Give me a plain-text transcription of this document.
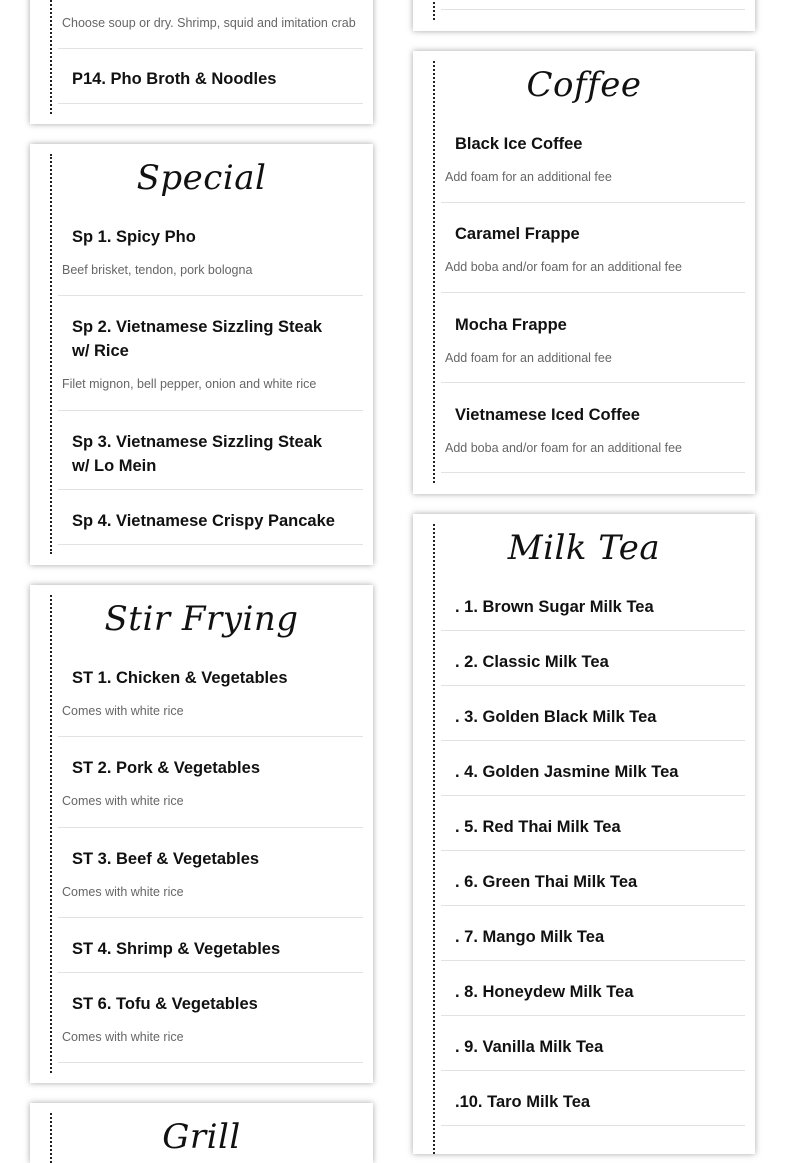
Choose soup or dry. Shrimp, squid and imitation crab
P14. Pho Broth & Noodles
Special
Sp 1. Spicy Pho
Beef brisket, tendon, pork bologna
Sp 2. Vietnamese Sizzling Steak w/ Rice
Filet mignon, bell pepper, onion and white rice
Sp 3. Vietnamese Sizzling Steak w/ Lo Mein
Sp 4. Vietnamese Crispy Pancake
Stir Frying
ST 1. Chicken & Vegetables
Comes with white rice
ST 2. Pork & Vegetables
Comes with white rice
ST 3. Beef & Vegetables
Comes with white rice
ST 4. Shrimp & Vegetables
ST 6. Tofu & Vegetables
Comes with white rice
Grill
Coffee
Black Ice Coffee
Add foam for an additional fee
Caramel Frappe
Add boba and/or foam for an additional fee
Mocha Frappe
Add foam for an additional fee
Vietnamese Iced Coffee
Add boba and/or foam for an additional fee
Milk Tea
. 1. Brown Sugar Milk Tea
. 2. Classic Milk Tea
. 3. Golden Black Milk Tea
. 4. Golden Jasmine Milk Tea
. 5. Red Thai Milk Tea
. 6. Green Thai Milk Tea
. 7. Mango Milk Tea
. 8. Honeydew Milk Tea
. 9. Vanilla Milk Tea
.10. Taro Milk Tea
